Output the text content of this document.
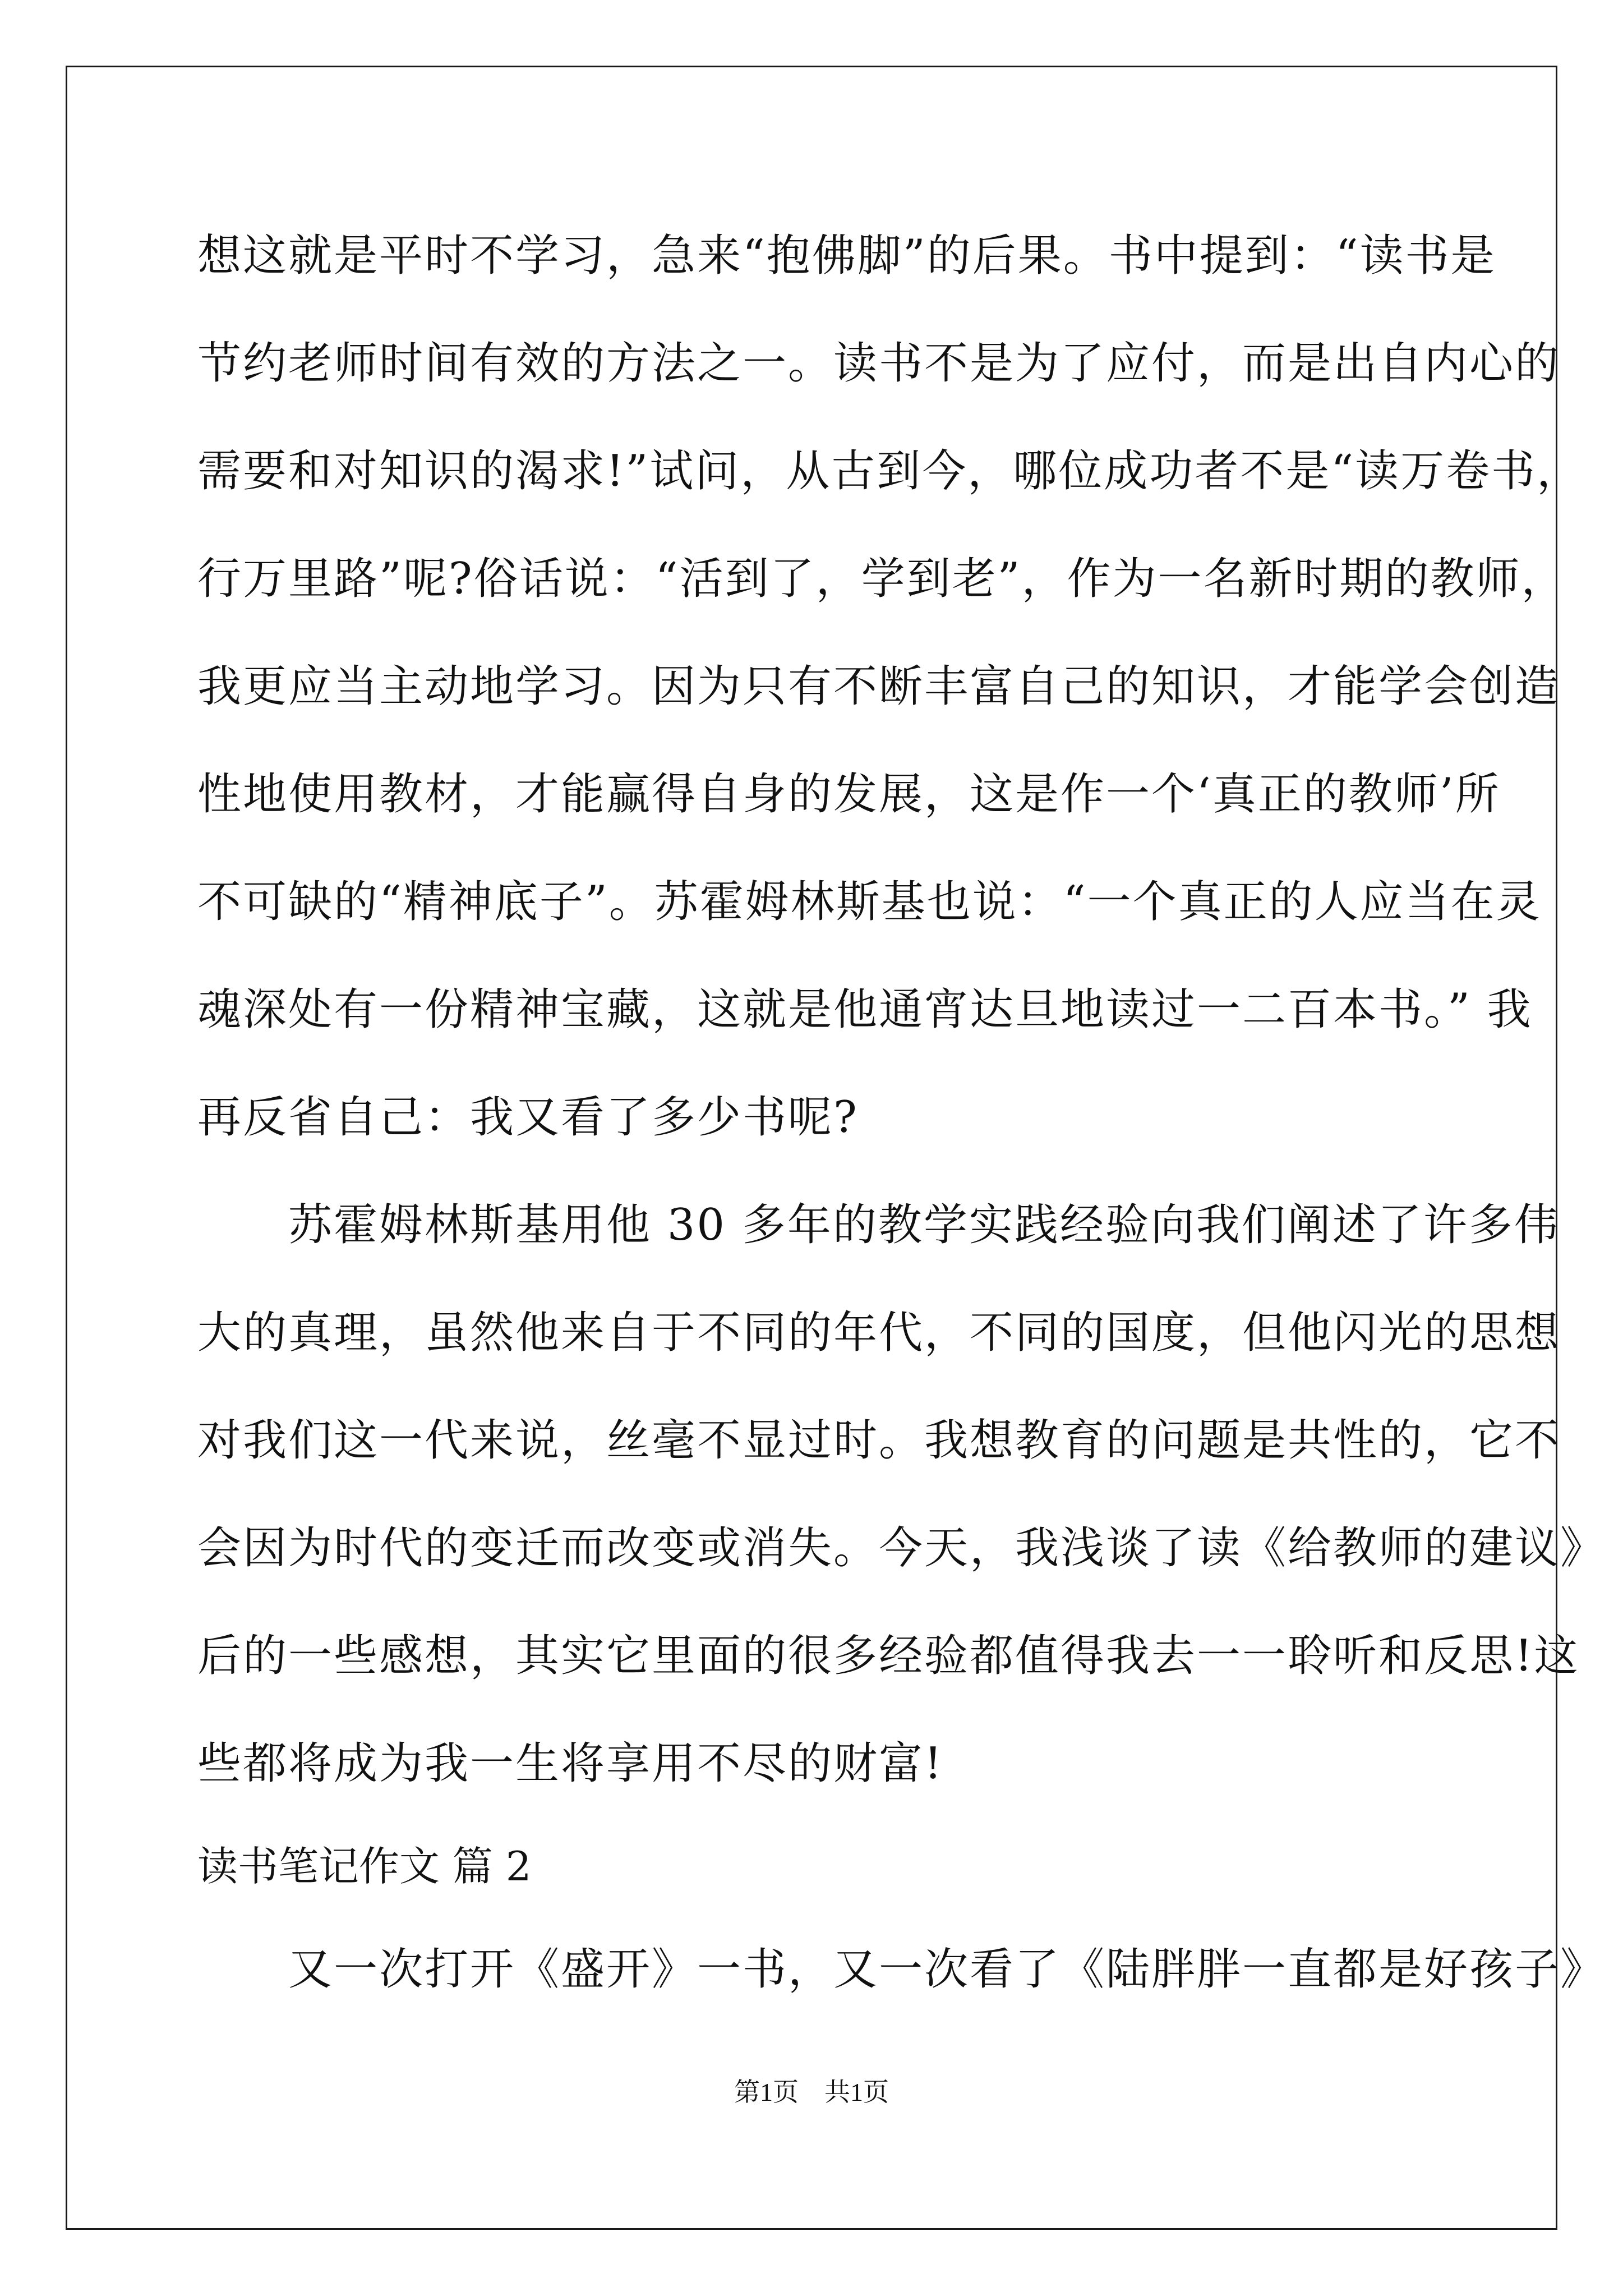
想这就是平时不学习，急来“抱佛脚”的后果。书中提到：“读书是
节约老师时间有效的方法之一。读书不是为了应付，而是出自内心的
需要和对知识的渴求!”试问，从古到今，哪位成功者不是“读万卷书，
行万里路”呢?俗话说：“活到了，学到老”，作为一名新时期的教师，
我更应当主动地学习。因为只有不断丰富自己的知识，才能学会创造
性地使用教材，才能赢得自身的发展，这是作一个‘真正的教师’所
不可缺的“精神底子”。苏霍姆林斯基也说：“一个真正的人应当在灵
魂深处有一份精神宝藏，这就是他通宵达旦地读过一二百本书。” 我
再反省自己：我又看了多少书呢?
　　苏霍姆林斯基用他 30 多年的教学实践经验向我们阐述了许多伟
大的真理，虽然他来自于不同的年代，不同的国度，但他闪光的思想
对我们这一代来说，丝毫不显过时。我想教育的问题是共性的，它不
会因为时代的变迁而改变或消失。今天，我浅谈了读《给教师的建议》
后的一些感想，其实它里面的很多经验都值得我去一一聆听和反思!这
些都将成为我一生将享用不尽的财富!
读书笔记作文 篇 2
　　又一次打开《盛开》一书，又一次看了《陆胖胖一直都是好孩子》
第1页　共1页
